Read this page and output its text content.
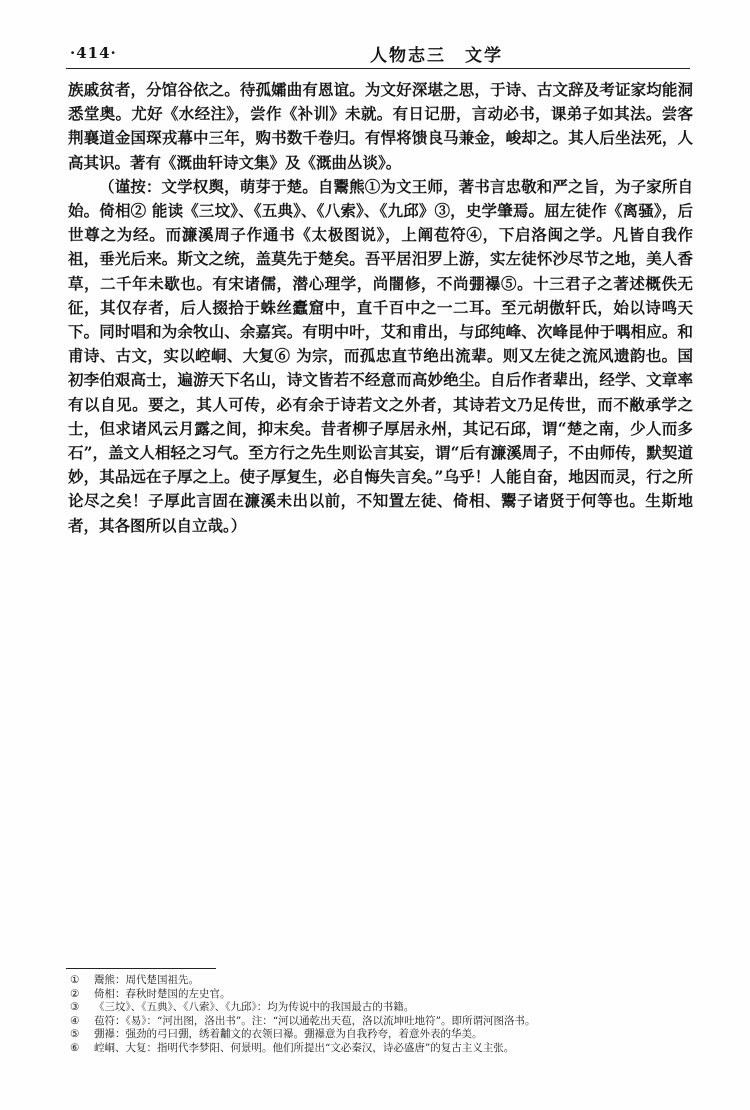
·414·	人物志三　文学

族戚贫者，分馆谷依之。待孤孀曲有恩谊。为文好深堪之思，于诗、古文辞及考证家均能洞悉堂奥。尤好《水经注》，尝作《补训》未就。有日记册，言动必书，课弟子如其法。尝客荆襄道金国琛戎幕中三年，购书数千卷归。有悍将馈良马兼金，峻却之。其人后坐法死，人高其识。著有《溉曲轩诗文集》及《溉曲丛谈》。

（谨按：文学权舆，萌芽于楚。自鬻熊①为文王师，著书言忠敬和严之旨，为子家所自始。倚相② 能读《三坟》、《五典》、《八索》、《九邱》③，史学肇焉。屈左徒作《离骚》，后世尊之为经。而濂溪周子作通书《太极图说》，上阐苞符④，下启洛闽之学。凡皆自我作祖，垂光后来。斯文之统，盖莫先于楚矣。吾平居汨罗上游，实左徒怀沙尽节之地，美人香草，二千年未歇也。有宋诸儒，潜心理学，尚闇修，不尚弸襮⑤。十三君子之著述概佚无征，其仅存者，后人掇拾于蛛丝蠹窟中，直千百中之一二耳。至元胡傲轩氏，始以诗鸣天下。同时唱和为余牧山、余嘉宾。有明中叶，艾和甫出，与邱纯峰、次峰昆仲于喁相应。和甫诗、古文，实以崆峒、大复⑥ 为宗，而孤忠直节绝出流辈。则又左徒之流风遗韵也。国初李伯艰高士，遍游天下名山，诗文皆若不经意而高妙绝尘。自后作者辈出，经学、文章率有以自见。要之，其人可传，必有余于诗若文之外者，其诗若文乃足传世，而不敝承学之士，但求诸风云月露之间，抑末矣。昔者柳子厚居永州，其记石邱，谓“楚之南，少人而多石”，盖文人相轻之习气。至方行之先生则讼言其妄，谓“后有濂溪周子，不由师传，默契道妙，其品远在子厚之上。使子厚复生，必自悔失言矣。”乌乎！人能自奋，地因而灵，行之所论尽之矣！子厚此言固在濂溪未出以前，不知置左徒、倚相、鬻子诸贤于何等也。生斯地者，其各图所以自立哉。）

①	鬻熊：周代楚国祖先。
②	倚相：春秋时楚国的左史官。
③	《三坟》、《五典》、《八索》、《九邱》：均为传说中的我国最古的书籍。
④	苞符：《易》：“河出图，洛出书”。注：“河以通乾出天苞，洛以流坤吐地符”。即所谓河图洛书。
⑤	弸襮：强劲的弓曰弸，绣着黼文的衣领曰襮。弸襮意为自我矜夸，着意外表的华美。
⑥	崆峒、大复：指明代李梦阳、何景明。他们所提出“文必秦汉，诗必盛唐”的复古主义主张。
